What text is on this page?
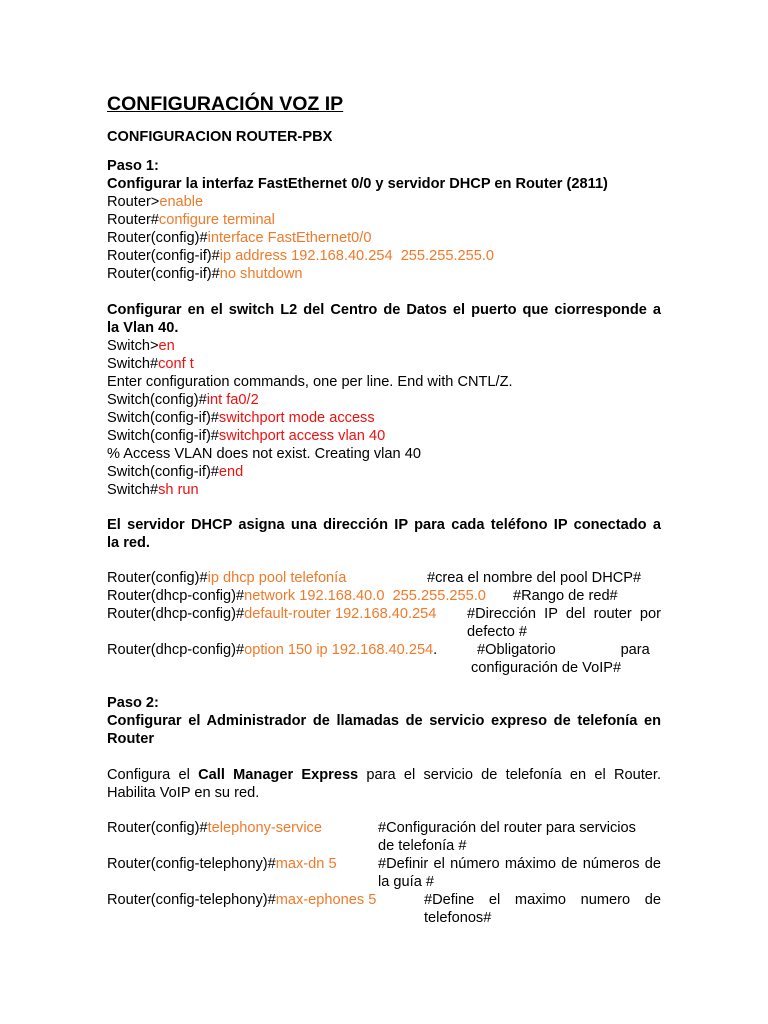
CONFIGURACIÓN VOZ IP
CONFIGURACION ROUTER-PBX
Paso 1:
Configurar la interfaz FastEthernet 0/0 y servidor DHCP en Router (2811)
Router>enable
Router#configure terminal
Router(config)#interface FastEthernet0/0
Router(config-if)#ip address 192.168.40.254  255.255.255.0
Router(config-if)#no shutdown
Configurar en el switch L2 del Centro de Datos el puerto que ciorresponde a
la Vlan 40.
Switch>en
Switch#conf t
Enter configuration commands, one per line. End with CNTL/Z.
Switch(config)#int fa0/2
Switch(config-if)#switchport mode access
Switch(config-if)#switchport access vlan 40
% Access VLAN does not exist. Creating vlan 40
Switch(config-if)#end
Switch#sh run
El servidor DHCP asigna una dirección IP para cada teléfono IP conectado a
la red.
Router(config)#ip dhcp pool telefonía	#crea el nombre del pool DHCP#
Router(dhcp-config)#network 192.168.40.0  255.255.255.0 #Rango de red#
Router(dhcp-config)#default-router 192.168.40.254 #Dirección IP del router por
defecto #
Router(dhcp-config)#option 150 ip 192.168.40.254.	#Obligatorio                para
configuración de VoIP#
Paso 2:
Configurar el Administrador de llamadas de servicio expreso de telefonía en
Router
Configura el Call Manager Express para el servicio de telefonía en el Router.
Habilita VoIP en su red.
Router(config)#telephony-service	#Configuración del router para servicios
de telefonía #
Router(config-telephony)#max-dn 5	#Definir el número máximo de números de
la guía #
Router(config-telephony)#max-ephones 5	#Define el maximo numero de
telefonos#
